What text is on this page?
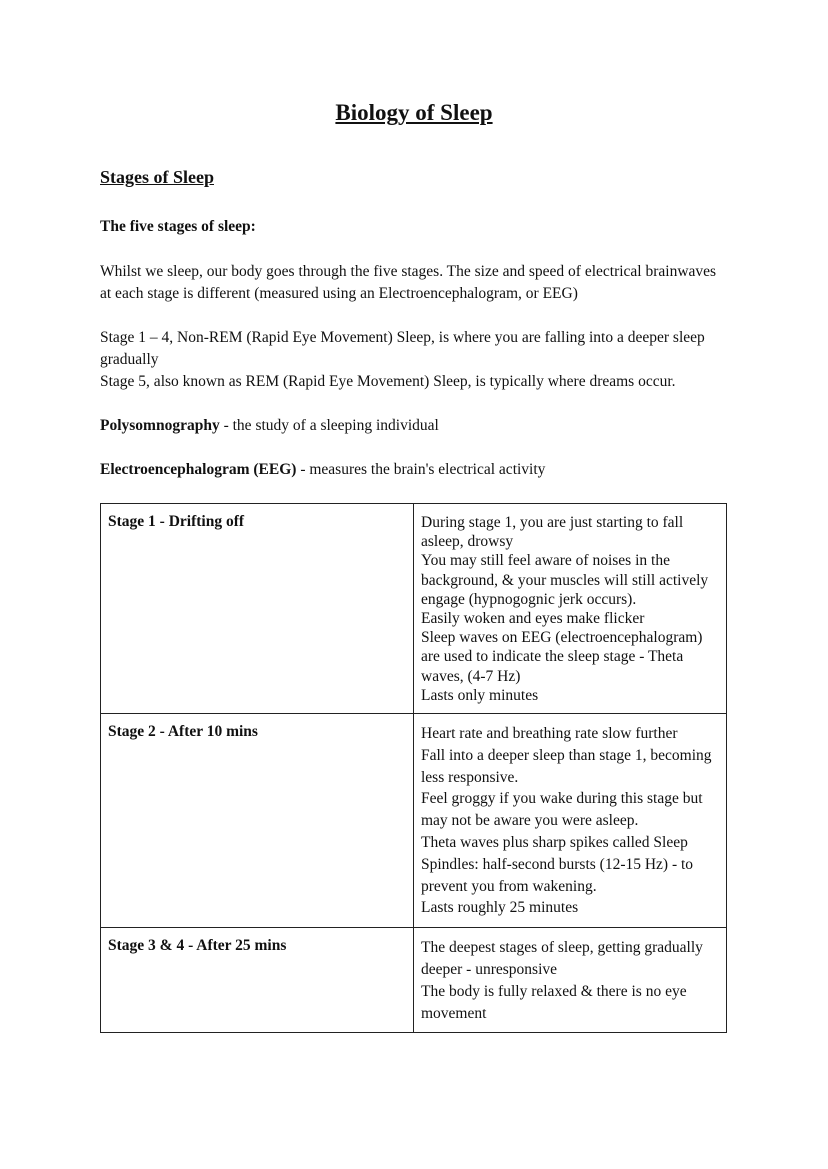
Biology of Sleep
Stages of Sleep

The five stages of sleep:

Whilst we sleep, our body goes through the five stages. The size and speed of electrical brainwaves at each stage is different (measured using an Electroencephalogram, or EEG)

Stage 1 – 4, Non-REM (Rapid Eye Movement) Sleep, is where you are falling into a deeper sleep gradually

Stage 5, also known as REM (Rapid Eye Movement) Sleep, is typically where dreams occur.

Polysomnography - the study of a sleeping individual

Electroencephalogram (EEG) - measures the brain's electrical activity

Stage 1 - Drifting off	During stage 1, you are just starting to fall asleep, drowsy
You may still feel aware of noises in the background, & your muscles will still actively engage (hypnogognic jerk occurs).
Easily woken and eyes make flicker
Sleep waves on EEG (electroencephalogram) are used to indicate the sleep stage - Theta waves, (4-7 Hz)
Lasts only minutes

Stage 2 - After 10 mins	Heart rate and breathing rate slow further
Fall into a deeper sleep than stage 1, becoming less responsive.
Feel groggy if you wake during this stage but may not be aware you were asleep.
Theta waves plus sharp spikes called Sleep Spindles: half-second bursts (12-15 Hz) - to prevent you from wakening.
Lasts roughly 25 minutes

Stage 3 & 4 - After 25 mins	The deepest stages of sleep, getting gradually deeper - unresponsive
The body is fully relaxed & there is no eye movement
